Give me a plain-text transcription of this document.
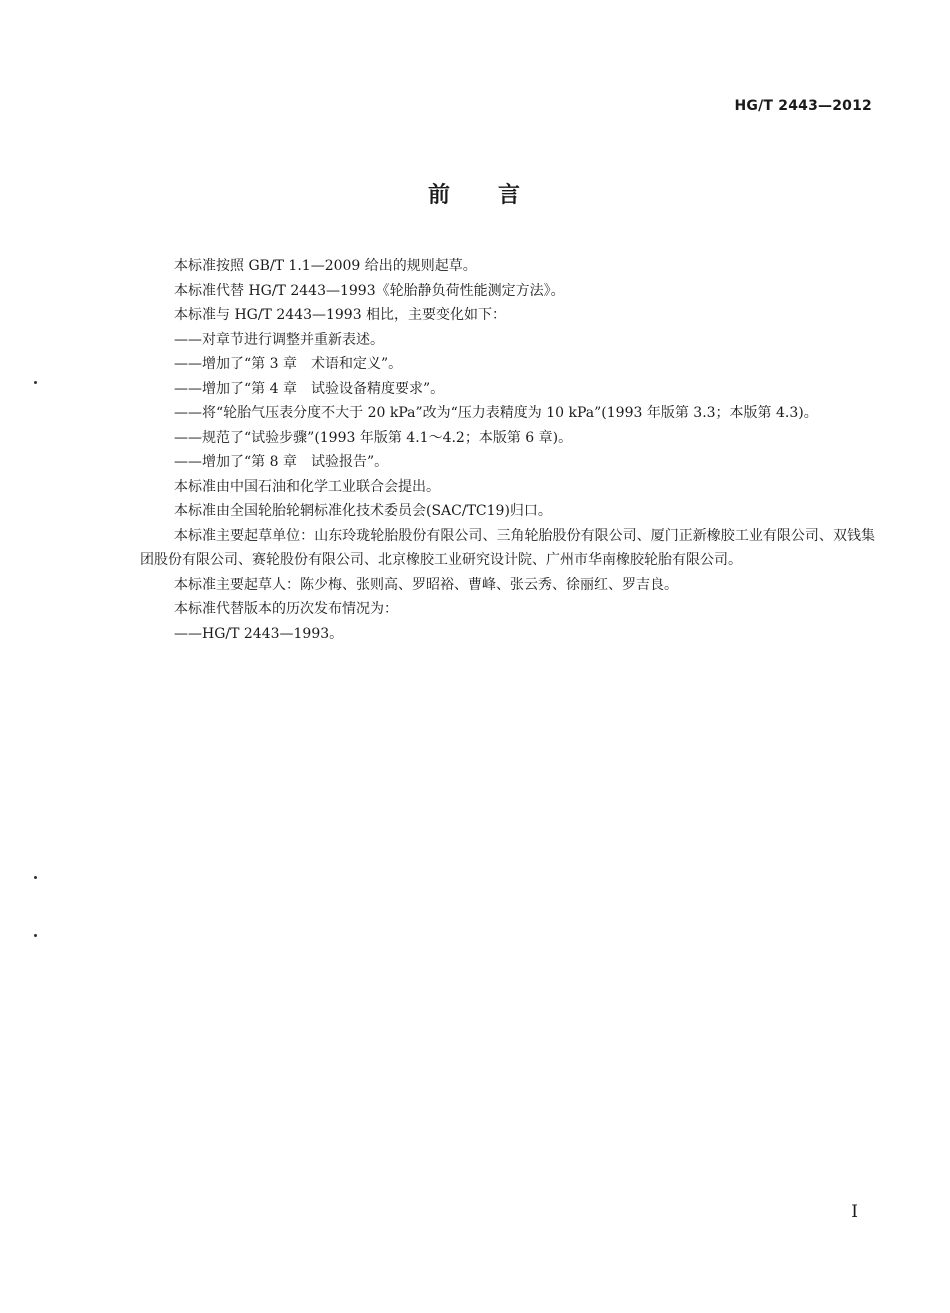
HG/T 2443—2012
前 言

本标准按照 GB/T 1.1—2009 给出的规则起草。

本标准代替 HG/T 2443—1993《轮胎静负荷性能测定方法》。

本标准与 HG/T 2443—1993 相比，主要变化如下：

——对章节进行调整并重新表述。

——增加了“第 3 章　术语和定义”。

——增加了“第 4 章　试验设备精度要求”。

——将“轮胎气压表分度不大于 20 kPa”改为“压力表精度为 10 kPa”(1993 年版第 3.3；本版第 4.3)。

——规范了“试验步骤”(1993 年版第 4.1～4.2；本版第 6 章)。

——增加了“第 8 章　试验报告”。

本标准由中国石油和化学工业联合会提出。

本标准由全国轮胎轮辋标准化技术委员会(SAC/TC19)归口。

本标准主要起草单位：山东玲珑轮胎股份有限公司、三角轮胎股份有限公司、厦门正新橡胶工业有限公司、双钱集团股份有限公司、赛轮股份有限公司、北京橡胶工业研究设计院、广州市华南橡胶轮胎有限公司。

本标准主要起草人：陈少梅、张则高、罗昭裕、曹峰、张云秀、徐丽红、罗吉良。

本标准代替版本的历次发布情况为：

——HG/T 2443—1993。

I
